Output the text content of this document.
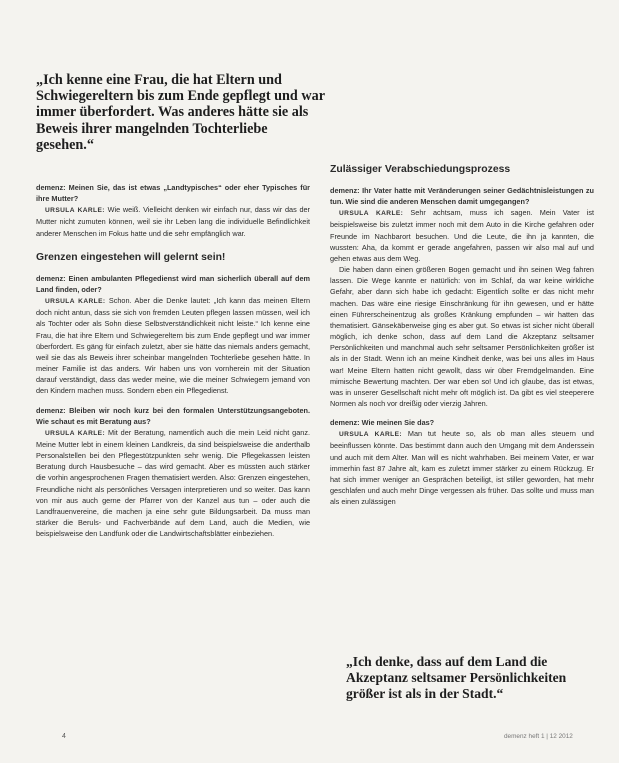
„Ich kenne eine Frau, die hat Eltern und Schwiegereltern bis zum Ende gepflegt und war immer überfordert. Was anderes hätte sie als Beweis ihrer mangelnden Tochterliebe gesehen.“

demenz: Meinen Sie, das ist etwas „Landtypisches“ oder eher Typisches für ihre Mutter?

URSULA KARLE: Wie weiß. Vielleicht denken wir einfach nur, dass wir das der Mutter nicht zumuten können, weil sie ihr Leben lang die individuelle Befindlichkeit anderer Menschen im Fokus hatte und die sehr empfänglich war.

Grenzen eingestehen will gelernt sein!

demenz: Einen ambulanten Pflegedienst wird man sicherlich überall auf dem Land finden, oder?

URSULA KARLE: Schon. Aber die Denke lautet: „Ich kann das meinen Eltern doch nicht antun, dass sie sich von fremden Leuten pflegen lassen müssen, weil ich als Tochter oder als Sohn diese Selbstverständlichkeit nicht leiste.“ Ich kenne eine Frau, die hat ihre Eltern und Schwiegereltern bis zum Ende gepflegt und war immer überfordert. Es gäng für einfach zuletzt, aber sie hätte das niemals anders gemacht, weil sie das als Beweis ihrer scheinbar mangelnden Tochterliebe gesehen hätte. In meiner Familie ist das anders. Wir haben uns von vornherein mit der Situation darauf verständigt, dass das weder meine, wie die meiner Schwiegern jemand von den Kindern machen muss. Sondern eben ein Pflegedienst.

demenz: Bleiben wir noch kurz bei den formalen Unterstützungsangeboten. Wie schaut es mit Beratung aus?

URSULA KARLE: Mit der Beratung, namentlich auch die mein Leid nicht ganz. Meine Mutter lebt in einem kleinen Landkreis, da sind beispielsweise die anderthalb Personalstellen bei den Pflegestützpunkten sehr wenig. Die Pflegekassen leisten Beratung durch Hausbesuche – das wird gemacht. Aber es müssten auch stärker die vorhin angesprochenen Fragen thematisiert werden. Also: Grenzen eingestehen, Freundliche nicht als persönliches Versagen interpretieren und so weiter. Das kann von mir aus auch gerne der Pfarrer von der Kanzel aus tun – oder auch die Landfrauenvereine, die machen ja eine sehr gute Bildungsarbeit. Da muss man stärker die Beruls- und Fachverbände auf dem Land, auch die Medien, wie beispielsweise den Landfunk oder die Landwirtschaftsblätter einbeziehen.

Zulässiger Verabschiedungsprozess

demenz: Ihr Vater hatte mit Veränderungen seiner Gedächtnisleistungen zu tun. Wie sind die anderen Menschen damit umgegangen?

URSULA KARLE: Sehr achtsam, muss ich sagen. Mein Vater ist beispielsweise bis zuletzt immer noch mit dem Auto in die Kirche gefahren oder Freunde im Nachbarort besuchen. Und die Leute, die ihn ja kannten, die wussten: Aha, da kommt er gerade angefahren, passen wir also mal auf und gehen etwas aus dem Weg.

Die haben dann einen größeren Bogen gemacht und ihn seinen Weg fahren lassen. Die Wege kannte er natürlich: von im Schlaf, da war keine wirkliche Gefahr, aber dann sich habe ich gedacht: Eigentlich sollte er das nicht mehr machen. Das wäre eine riesige Einschränkung für ihn gewesen, und er hätte einen Führerscheinentzug als großes Kränkung empfunden – wir hatten das thematisiert. Gänsekäberweise ging es aber gut. So etwas ist sicher nicht überall möglich, ich denke schon, dass auf dem Land die Akzeptanz seltsamer Persönlichkeiten und manchmal auch sehr seltsamer Persönlichkeiten größer ist als in der Stadt. Wenn ich an meine Kindheit denke, was bei uns alles im Haus war! Meine Eltern hatten nicht gewollt, dass wir über Fremdgelmanden. Eine mimische Bewertung machten. Der war eben so! Und ich glaube, das ist etwas, was in unserer Gesellschaft nicht mehr oft möglich ist. Da gibt es viel steeperere Normen als noch vor dreißig oder vierzig Jahren.

demenz: Wie meinen Sie das?

URSULA KARLE: Man tut heute so, als ob man alles steuern und beeinflussen könnte. Das bestimmt dann auch den Umgang mit dem Anderssein und auch mit dem Alter. Man will es nicht wahrhaben. Bei meinem Vater, er war immerhin fast 87 Jahre alt, kam es zuletzt immer stärker zu einem Rückzug. Er hat sich immer weniger an Gesprächen beteiligt, ist stiller geworden, hat mehr geschlafen und auch mehr Dinge vergessen als früher. Das sollte und muss man als einen zulässigen

„Ich denke, dass auf dem Land die Akzeptanz seltsamer Persönlichkeiten größer ist als in der Stadt.“

4	demenz heft 1 | 12 2012
